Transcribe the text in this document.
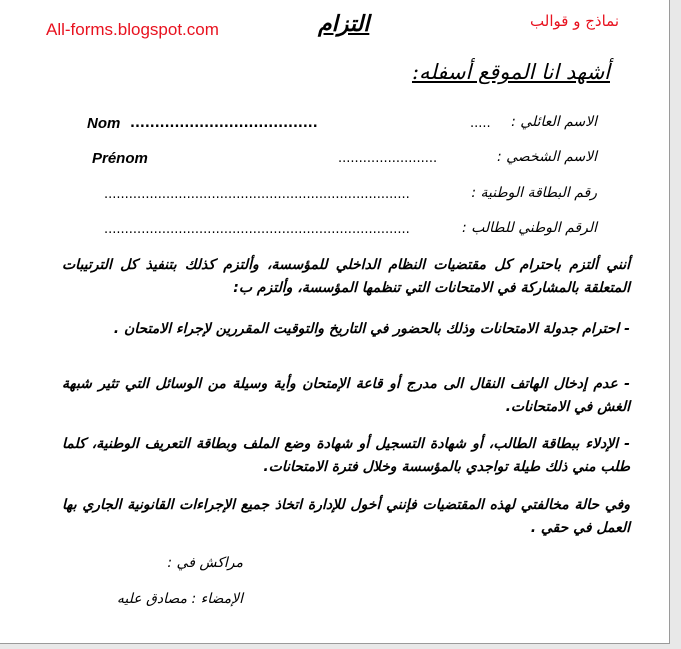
All-forms.blogspot.com	التزام	نماذج و قوالب
أشهد انا الموقع أسفله:
الاسم العائلي :
.....
Nom ......................................
الاسم الشخصي :
........................
Prénom
رقم البطاقة الوطنية :
..........................................................................
الرقم الوطني للطالب :
..........................................................................
أنني ألتزم باحترام كل مقتضيات النظام الداخلي للمؤسسة، وألتزم كذلك بتنفيذ كل الترتيبات المتعلقة بالمشاركة في الامتحانات التي تنظمها المؤسسة، وألتزم ب:
- احترام جدولة الامتحانات وذلك بالحضور في التاريخ والتوقيت المقررين لإجراء الامتحان .
- عدم إدخال الهاتف النقال الى مدرج أو قاعة الإمتحان وأية وسيلة من الوسائل التي تثير شبهة الغش في الامتحانات.
- الإدلاء ببطاقة الطالب، أو شهادة التسجيل أو شهادة وضع الملف وبطاقة التعريف الوطنية، كلما طلب مني ذلك طيلة تواجدي بالمؤسسة وخلال فترة الامتحانات.
وفي حالة مخالفتي لهذه المقتضيات فإنني أخول للإدارة اتخاذ جميع الإجراءات القانونية الجاري بها العمل في حقي .
مراكش في :
الإمضاء : مصادق عليه
